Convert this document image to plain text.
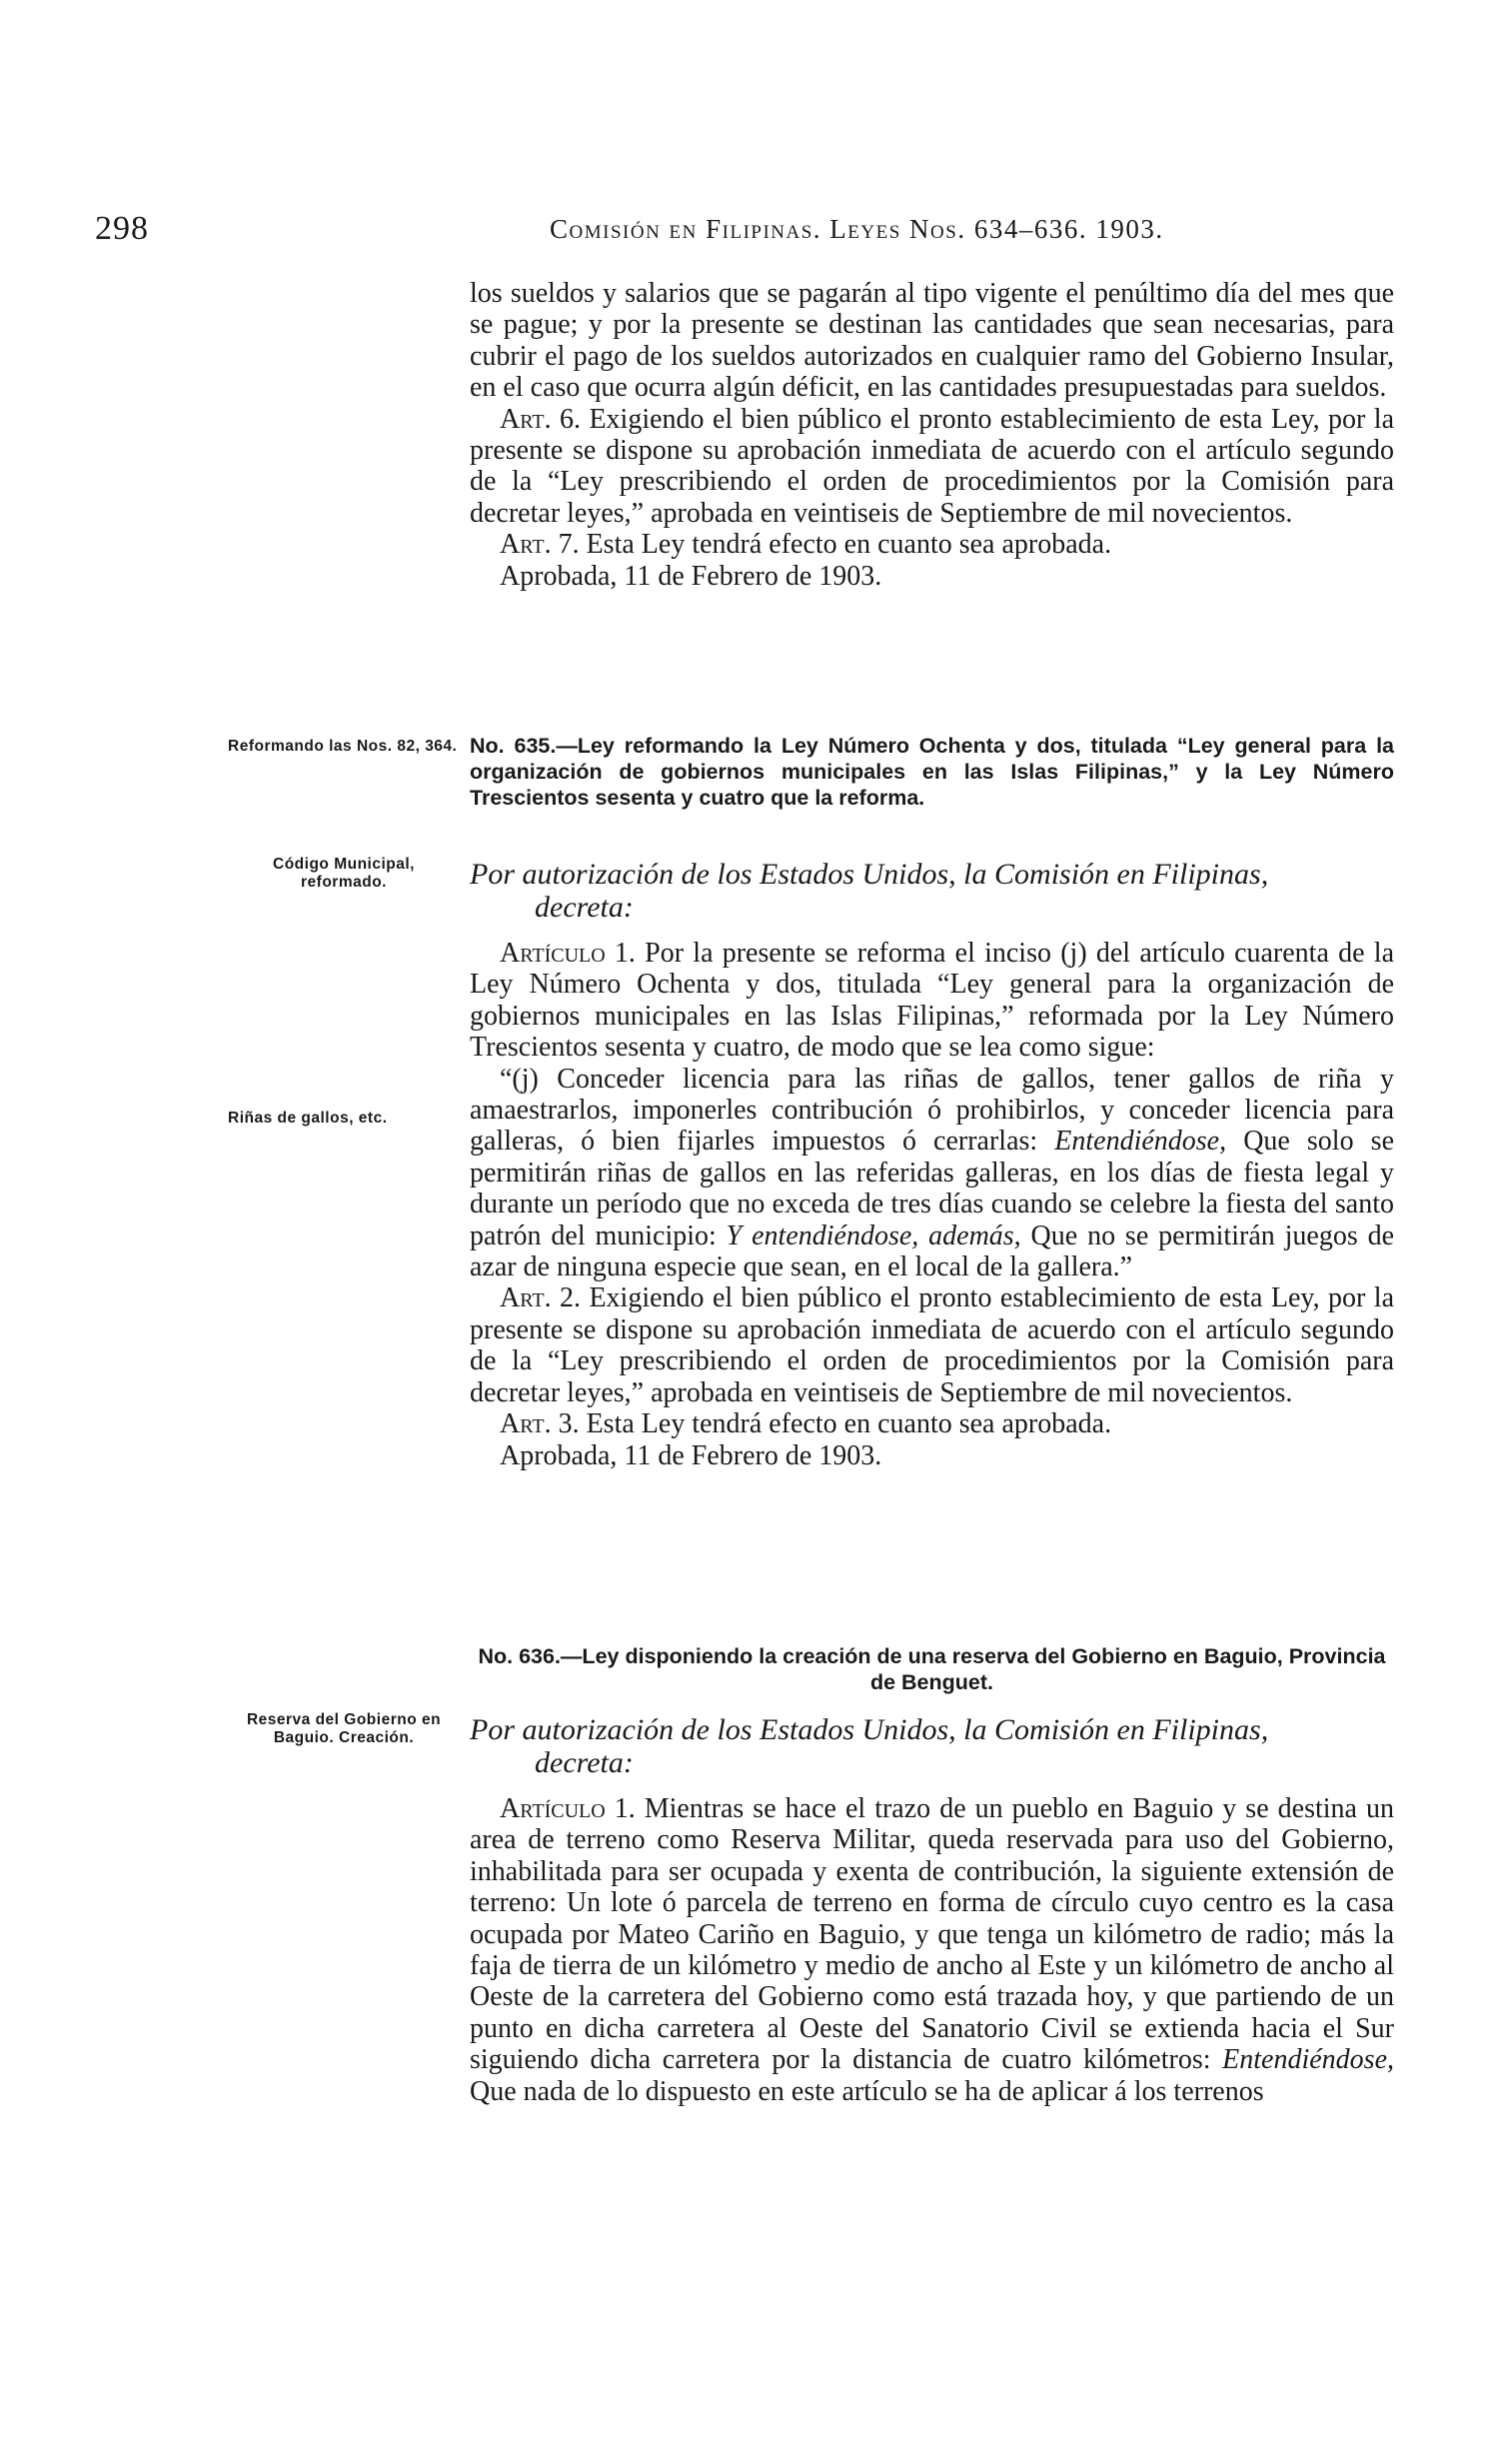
298	Comisión en Filipinas. Leyes Nos. 634–636. 1903.

los sueldos y salarios que se pagarán al tipo vigente el penúltimo día del mes que se pague; y por la presente se destinan las cantidades que sean necesarias, para cubrir el pago de los sueldos autorizados en cualquier ramo del Gobierno Insular, en el caso que ocurra algún déficit, en las cantidades presupuestadas para sueldos.

Art. 6. Exigiendo el bien público el pronto establecimiento de esta Ley, por la presente se dispone su aprobación inmediata de acuerdo con el artículo segundo de la “Ley prescribiendo el orden de procedimientos por la Comisión para decretar leyes,” aprobada en veintiseis de Septiembre de mil novecientos.

Art. 7. Esta Ley tendrá efecto en cuanto sea aprobada.

Aprobada, 11 de Febrero de 1903.

Reformando las Nos. 82, 364. No. 635.—Ley reformando la Ley Número Ochenta y dos, titulada “Ley general para la organización de gobiernos municipales en las Islas Filipinas,” y la Ley Número Trescientos sesenta y cuatro que la reforma.

Código Municipal, reformado.	Por autorización de los Estados Unidos, la Comisión en Filipinas,
decreta:

Artículo 1. Por la presente se reforma el inciso (j) del artículo cuarenta de la Ley Número Ochenta y dos, titulada “Ley general para la organización de gobiernos municipales en las Islas Filipinas,” reformada por la Ley Número Trescientos sesenta y cuatro, de modo que se lea como sigue:

“(j) Conceder licencia para las riñas de gallos, tener gallos de riña y amaestrarlos, imponerles contribución ó prohibirlos, y conceder licencia para galleras, ó bien fijarles impuestos ó cerrarlas: Entendiéndose, Que solo se permitirán riñas de gallos en las referidas galleras, en los días de fiesta legal y durante un período que no exceda de tres días cuando se celebre la fiesta del santo patrón del municipio: Y entendiéndose, además, Que no se permitirán juegos de azar de ninguna especie que sean, en el local de la gallera.”

Art. 2. Exigiendo el bien público el pronto establecimiento de esta Ley, por la presente se dispone su aprobación inmediata de acuerdo con el artículo segundo de la “Ley prescribiendo el orden de procedimientos por la Comisión para decretar leyes,” aprobada en veintiseis de Septiembre de mil novecientos.

Art. 3. Esta Ley tendrá efecto en cuanto sea aprobada.

Aprobada, 11 de Febrero de 1903.

Riñas de gallos, etc.

No. 636.—Ley disponiendo la creación de una reserva del Gobierno en Baguio, Provincia de Benguet.

Reserva del Gobierno en Baguio. Creación.	Por autorización de los Estados Unidos, la Comisión en Filipinas,
decreta:

Artículo 1. Mientras se hace el trazo de un pueblo en Baguio y se destina un area de terreno como Reserva Militar, queda reservada para uso del Gobierno, inhabilitada para ser ocupada y exenta de contribución, la siguiente extensión de terreno: Un lote ó parcela de terreno en forma de círculo cuyo centro es la casa ocupada por Mateo Cariño en Baguio, y que tenga un kilómetro de radio; más la faja de tierra de un kilómetro y medio de ancho al Este y un kilómetro de ancho al Oeste de la carretera del Gobierno como está trazada hoy, y que partiendo de un punto en dicha carretera al Oeste del Sanatorio Civil se extienda hacia el Sur siguiendo dicha carretera por la distancia de cuatro kilómetros: Entendiéndose, Que nada de lo dispuesto en este artículo se ha de aplicar á los terrenos
